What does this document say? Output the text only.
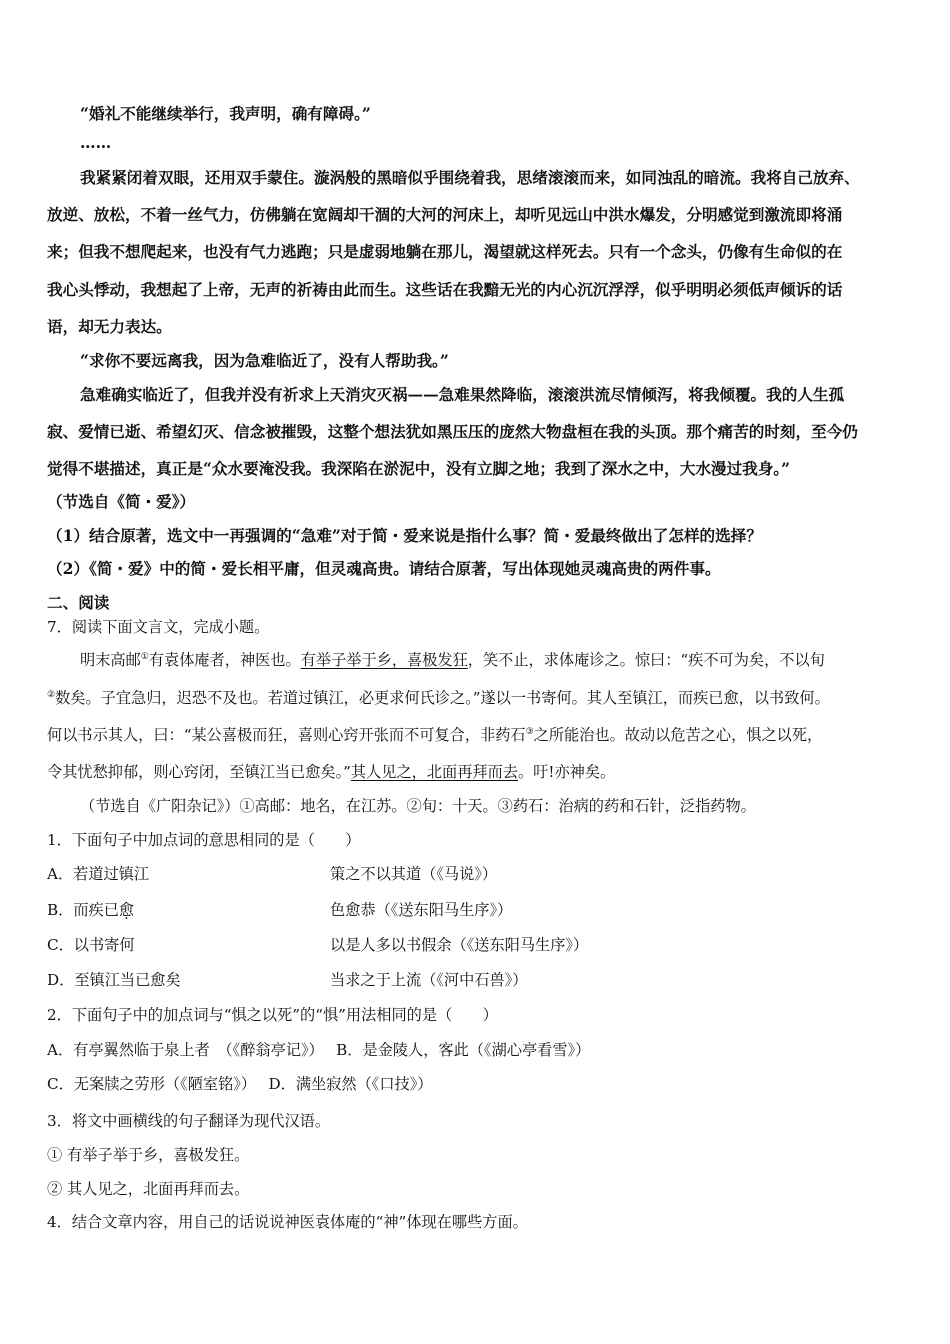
“婚礼不能继续举行，我声明，确有障碍。”
……
我紧紧闭着双眼，还用双手蒙住。漩涡般的黑暗似乎围绕着我，思绪滚滚而来，如同浊乱的暗流。我将自己放弃、
放逆、放松，不着一丝气力，仿佛躺在宽阔却干涸的大河的河床上，却听见远山中洪水爆发，分明感觉到激流即将涌
来；但我不想爬起来，也没有气力逃跑；只是虚弱地躺在那儿，渴望就这样死去。只有一个念头，仍像有生命似的在
我心头悸动，我想起了上帝，无声的祈祷由此而生。这些话在我黯无光的内心沉沉浮浮，似乎明明必须低声倾诉的话
语，却无力表达。
“求你不要远离我，因为急难临近了，没有人帮助我。”
急难确实临近了，但我并没有祈求上天消灾灭祸——急难果然降临，滚滚洪流尽情倾泻，将我倾覆。我的人生孤
寂、爱情已逝、希望幻灭、信念被摧毁，这整个想法犹如黑压压的庞然大物盘桓在我的头顶。那个痛苦的时刻，至今仍
觉得不堪描述，真正是“众水要淹没我。我深陷在淤泥中，没有立脚之地；我到了深水之中，大水漫过我身。”
（节选自《简・爱》）
（1）结合原著，选文中一再强调的“急难”对于简・爱来说是指什么事？简・爱最终做出了怎样的选择？
（2）《简・爱》中的简・爱长相平庸，但灵魂高贵。请结合原著，写出体现她灵魂高贵的两件事。
二、阅读
7．阅读下面文言文，完成小题。
明末高邮①有袁体庵者，神医也。有举子举于乡，喜极发狂，笑不止，求体庵诊之。惊曰：“疾不可为矣，不以旬
②数矣。子宜急归，迟恐不及也。若道过镇江，必更求何氏诊之。”遂以一书寄何。其人至镇江，而疾已愈，以书致何。
何以书示其人，曰：“某公喜极而狂，喜则心窍开张而不可复合，非药石③之所能治也。故动以危苦之心，惧之以死，
令其忧愁抑郁，则心窍闭，至镇江当已愈矣。”其人见之，北面再拜而去。吁!亦神矣。
（节选自《广阳杂记》）①高邮：地名，在江苏。②旬：十天。③药石：治病的药和石针，泛指药物。
1．下面句子中加点词的意思相同的是（　　）
A．若道过镇江	策之不以其道（《马说》）
B．而疾已愈	色愈恭（《送东阳马生序》）
C．以书寄何	以是人多以书假余（《送东阳马生序》）
D．至镇江当已愈矣	当求之于上流（《河中石兽》）
2．下面句子中的加点词与“惧之以死”的“惧”用法相同的是（　　）
A．有亭翼然临于泉上者　（《醉翁亭记》）　 B．是金陵人，客此（《湖心亭看雪》）
C．无案牍之劳形（《陋室铭》）　 D．满坐寂然（《口技》）
3．将文中画横线的句子翻译为现代汉语。
① 有举子举于乡，喜极发狂。
② 其人见之，北面再拜而去。
4．结合文章内容，用自己的话说说神医袁体庵的“神”体现在哪些方面。
